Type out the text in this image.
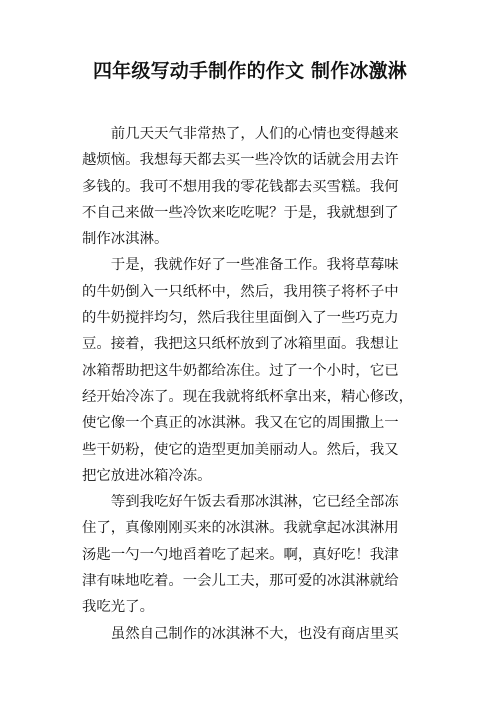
四年级写动手制作的作文 制作冰激淋

前几天天气非常热了，人们的心情也变得越来
越烦恼。我想每天都去买一些冷饮的话就会用去许
多钱的。我可不想用我的零花钱都去买雪糕。我何
不自己来做一些冷饮来吃吃呢？于是，我就想到了
制作冰淇淋。

于是，我就作好了一些准备工作。我将草莓味
的牛奶倒入一只纸杯中，然后，我用筷子将杯子中
的牛奶搅拌均匀，然后我往里面倒入了一些巧克力
豆。接着，我把这只纸杯放到了冰箱里面。我想让
冰箱帮助把这牛奶都给冻住。过了一个小时，它已
经开始冷冻了。现在我就将纸杯拿出来，精心修改，
使它像一个真正的冰淇淋。我又在它的周围撒上一
些干奶粉，使它的造型更加美丽动人。然后，我又
把它放进冰箱冷冻。

等到我吃好午饭去看那冰淇淋，它已经全部冻
住了，真像刚刚买来的冰淇淋。我就拿起冰淇淋用
汤匙一勺一勺地舀着吃了起来。啊，真好吃！我津
津有味地吃着。一会儿工夫，那可爱的冰淇淋就给
我吃光了。

虽然自己制作的冰淇淋不大，也没有商店里买
